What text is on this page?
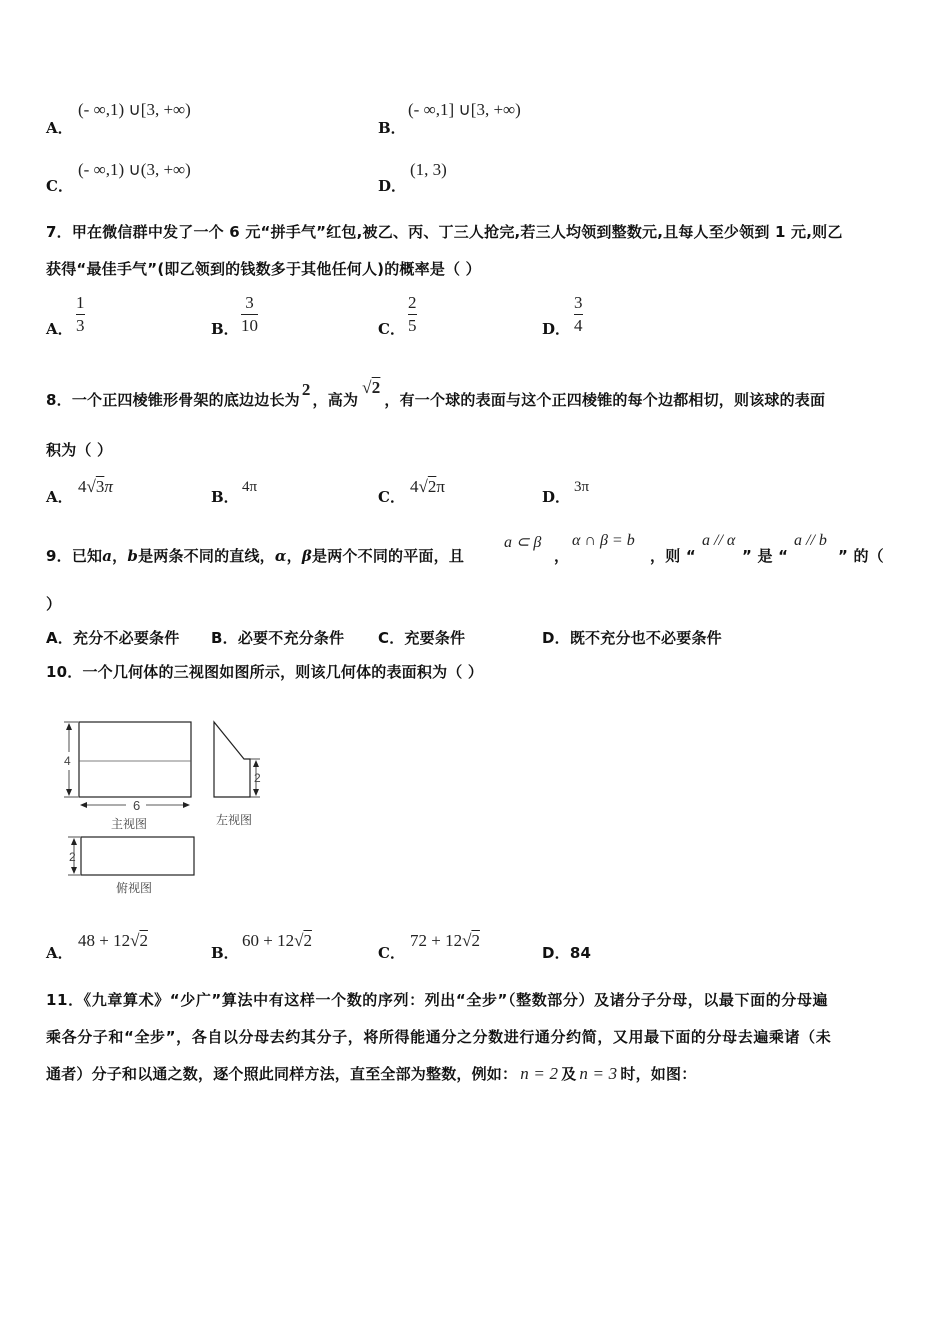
A．
(- ∞,1) ∪[3, +∞)
B．
(- ∞,1] ∪[3, +∞)
C．
(- ∞,1) ∪(3, +∞)
D．
(1, 3)
7．甲在微信群中发了一个 6 元“拼手气”红包,被乙、丙、丁三人抢完,若三人均领到整数元,且每人至少领到 1 元,则乙
获得“最佳手气”(即乙领到的钱数多于其他任何人)的概率是（ ）
A．
1
3	B．
3
10	C．
2
5	D．
3
4
8．一个正四棱锥形骨架的底边边长为2，高为√2，有一个球的表面与这个正四棱锥的每个边都相切，则该球的表面
积为（ ）
A．
4√3π
B．
4π
C．
4√2π
D．
3π
9．已知a，b是两条不同的直线，α，β是两个不同的平面，且
a ⊂ β
，
α ∩ β = b
，则 “
a // α
” 是 “
a // b
” 的（
）
A．充分不必要条件 B．必要不充分条件 C．充要条件	D．既不充分也不必要条件
10．一个几何体的三视图如图所示，则该几何体的表面积为（ ）
4
6
主视图
2
左视图
2
俯视图
A．
48 + 12√2
B．
60 + 12√2
C．
72 + 12√2
D．84
11．《九章算术》“少广”算法中有这样一个数的序列：列出“全步”（整数部分）及诸分子分母，以最下面的分母遍
乘各分子和“全步”，各自以分母去约其分子，将所得能通分之分数进行通分约简，又用最下面的分母去遍乘诸（未
通者）分子和以通之数，逐个照此同样方法，直至全部为整数，例如： n = 2 及 n = 3 时，如图：
